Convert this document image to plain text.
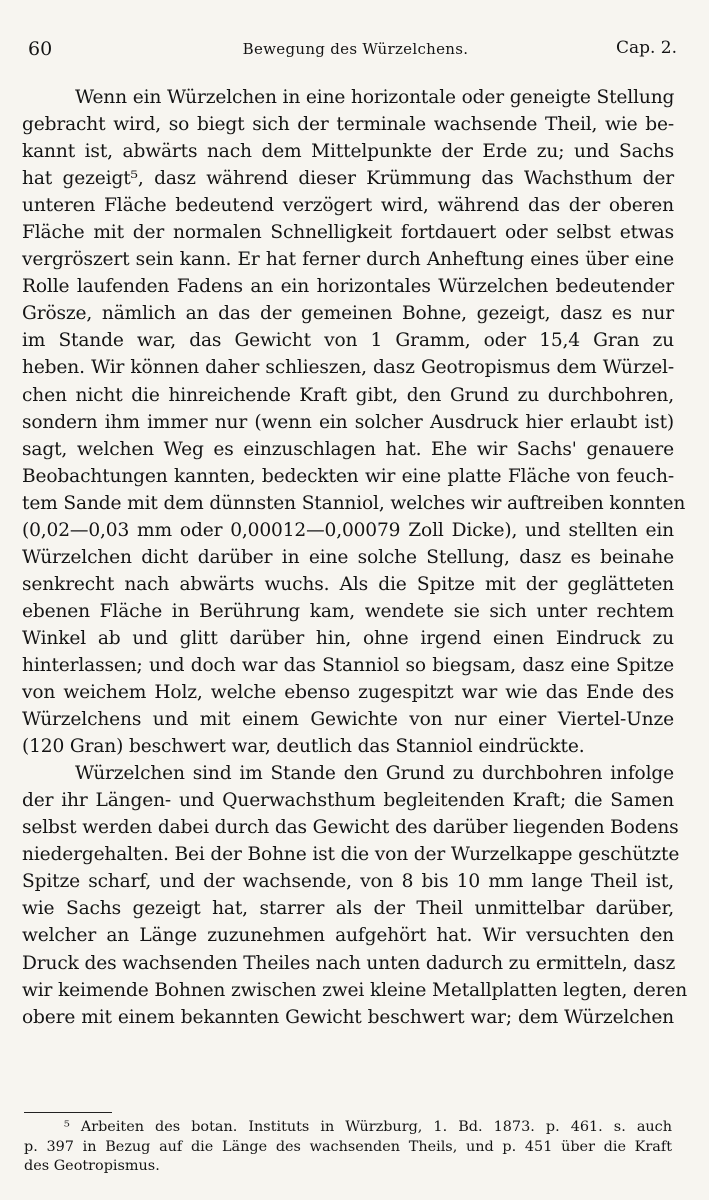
60	Bewegung des Würzelchens.	Cap. 2.
Wenn ein Würzelchen in eine horizontale oder geneigte Stellung
gebracht wird, so biegt sich der terminale wachsende Theil, wie be-
kannt ist, abwärts nach dem Mittelpunkte der Erde zu; und Sachs
hat gezeigt⁵, dasz während dieser Krümmung das Wachsthum der
unteren Fläche bedeutend verzögert wird, während das der oberen
Fläche mit der normalen Schnelligkeit fortdauert oder selbst etwas
vergröszert sein kann. Er hat ferner durch Anheftung eines über eine
Rolle laufenden Fadens an ein horizontales Würzelchen bedeutender
Grösze, nämlich an das der gemeinen Bohne, gezeigt, dasz es nur
im Stande war, das Gewicht von 1 Gramm, oder 15,4 Gran zu
heben. Wir können daher schlieszen, dasz Geotropismus dem Würzel-
chen nicht die hinreichende Kraft gibt, den Grund zu durchbohren,
sondern ihm immer nur (wenn ein solcher Ausdruck hier erlaubt ist)
sagt, welchen Weg es einzuschlagen hat. Ehe wir Sachs' genauere
Beobachtungen kannten, bedeckten wir eine platte Fläche von feuch-
tem Sande mit dem dünnsten Stanniol, welches wir auftreiben konnten
(0,02—0,03 mm oder 0,00012—0,00079 Zoll Dicke), und stellten ein
Würzelchen dicht darüber in eine solche Stellung, dasz es beinahe
senkrecht nach abwärts wuchs. Als die Spitze mit der geglätteten
ebenen Fläche in Berührung kam, wendete sie sich unter rechtem
Winkel ab und glitt darüber hin, ohne irgend einen Eindruck zu
hinterlassen; und doch war das Stanniol so biegsam, dasz eine Spitze
von weichem Holz, welche ebenso zugespitzt war wie das Ende des
Würzelchens und mit einem Gewichte von nur einer Viertel-Unze
(120 Gran) beschwert war, deutlich das Stanniol eindrückte.
Würzelchen sind im Stande den Grund zu durchbohren infolge
der ihr Längen- und Querwachsthum begleitenden Kraft; die Samen
selbst werden dabei durch das Gewicht des darüber liegenden Bodens
niedergehalten. Bei der Bohne ist die von der Wurzelkappe geschützte
Spitze scharf, und der wachsende, von 8 bis 10 mm lange Theil ist,
wie Sachs gezeigt hat, starrer als der Theil unmittelbar darüber,
welcher an Länge zuzunehmen aufgehört hat. Wir versuchten den
Druck des wachsenden Theiles nach unten dadurch zu ermitteln, dasz
wir keimende Bohnen zwischen zwei kleine Metallplatten legten, deren
obere mit einem bekannten Gewicht beschwert war; dem Würzelchen
⁵ Arbeiten des botan. Instituts in Würzburg, 1. Bd. 1873. p. 461. s. auch
p. 397 in Bezug auf die Länge des wachsenden Theils, und p. 451 über die Kraft
des Geotropismus.
